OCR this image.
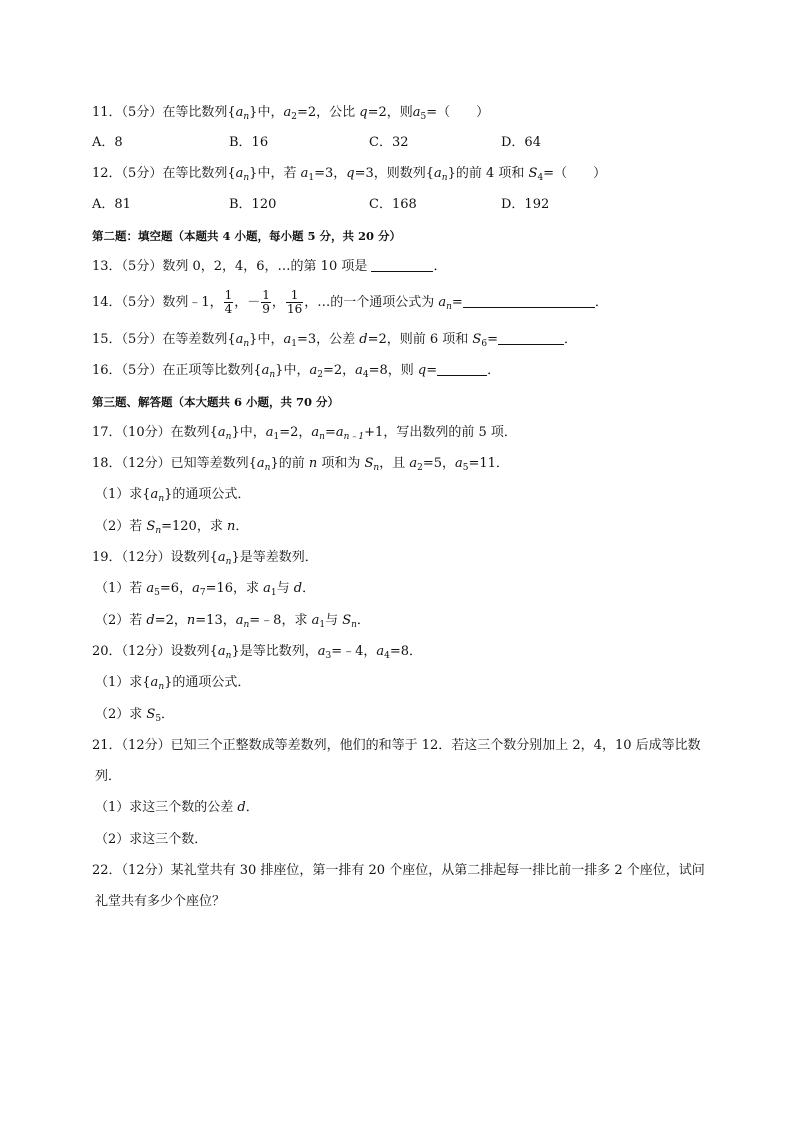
11．（5分）在等比数列$\{a_n\}$中，$a_2=2$，公比 q=2，则$a_5=$（　　）
A．8	B．16	C．32	D．64
12．（5分）在等比数列$\{a_n\}$中，若 $a_1=3$，q=3，则数列$\{a_n\}$的前 4 项和 $S_4=$（　　）
A．81	B．120	C．168	D．192
第二题：填空题（本题共 4 小题，每小题 5 分，共 20 分）
13．（5分）数列 0，2，4，6，…的第 10 项是	．
14．（5分）数列﹣1， $\frac{1}{4}$ ，－ $\frac{1}{9}$ ， $\frac{1}{16}$ ，…的一个通项公式为 $a_n=$	．
15．（5分）在等差数列$\{a_n\}$中，$a_1=3$，公差 d=2，则前 6 项和 $S_6=$	．
16．（5分）在正项等比数列$\{a_n\}$中，$a_2=2$，$a_4=8$，则 q=	．
第三题、解答题（本大题共 6 小题，共 70 分）
17．（10分）在数列$\{a_n\}$中，$a_1=2$，$a_n=a_{n﹣1}+1$，写出数列的前 5 项．
18．（12分）已知等差数列$\{a_n\}$的前 n 项和为 $S_n$，且 $a_2=5$，$a_5=11$．
（1）求$\{a_n\}$的通项公式．
（2）若 $S_n=120$，求 n．
19．（12分）设数列$\{a_n\}$是等差数列．
（1）若 $a_5=6$，$a_7=16$，求 $a_1$与 d．
（2）若 d=2，n=13，$a_n=﹣8$，求 $a_1$与 $S_n$．
20．（12分）设数列$\{a_n\}$是等比数列，$a_3=﹣4$，$a_4=8$．
（1）求$\{a_n\}$的通项公式．
（2）求 $S_5$．
21．（12分）已知三个正整数成等差数列，他们的和等于 12．若这三个数分别加上 2，4，10 后成等比数
列．
（1）求这三个数的公差 d．
（2）求这三个数．
22．（12分）某礼堂共有 30 排座位，第一排有 20 个座位，从第二排起每一排比前一排多 2 个座位，试问
礼堂共有多少个座位？
